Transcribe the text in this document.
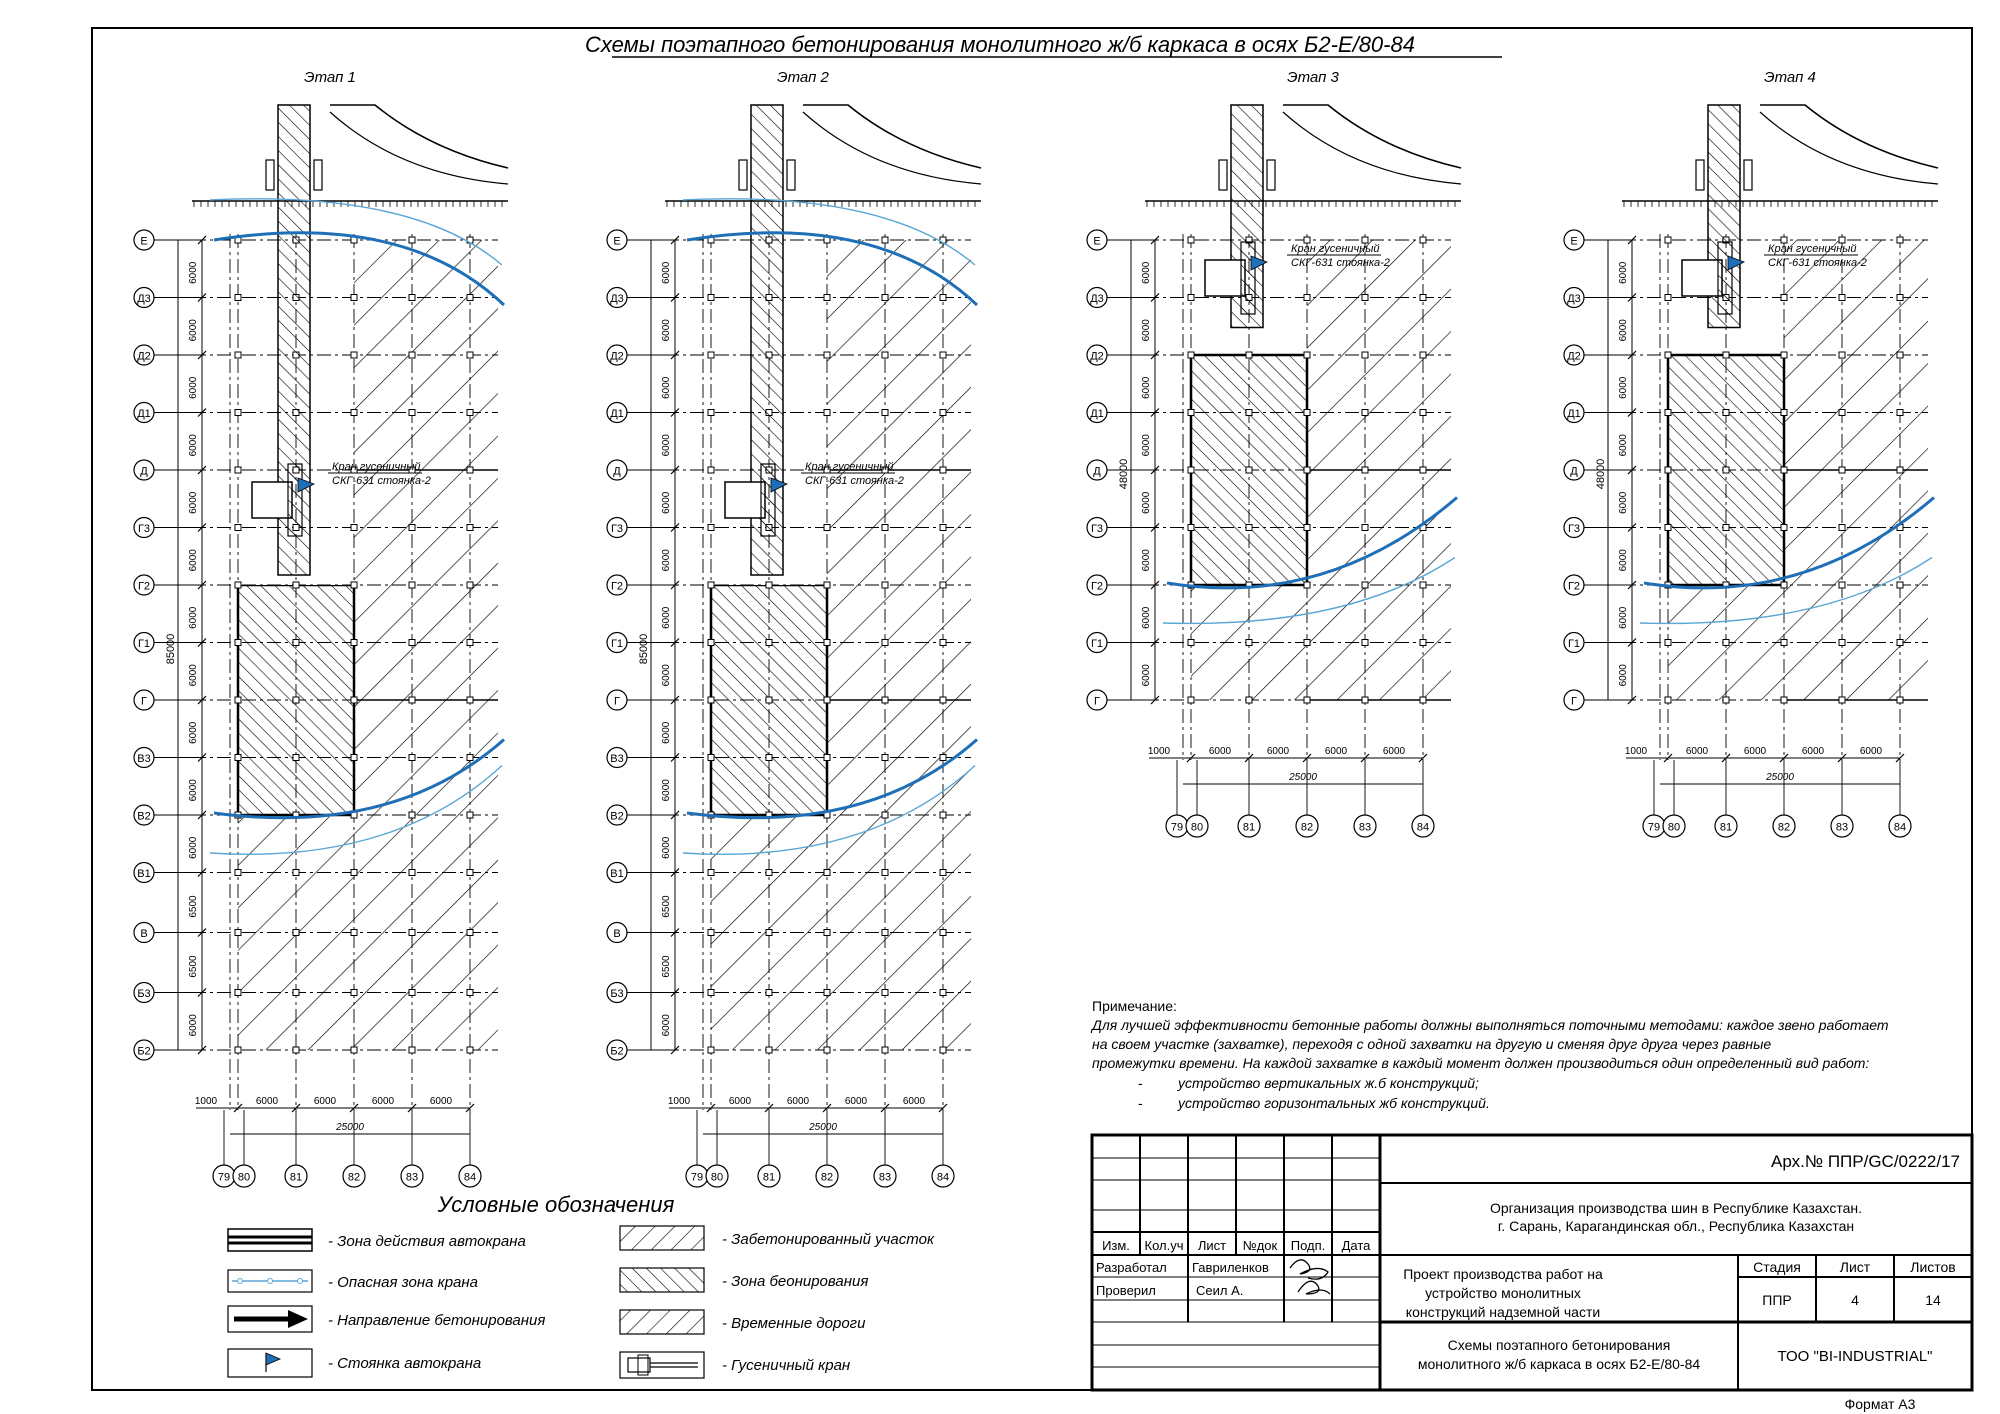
Схемы поэтапного бетонирования монолитного ж/б каркаса в осях Б2-Е/80-84
Этап 1
Е
Д3
Д2
Д1
Д
Г3
Г2
Г1
Г
В3
В2
В1
В
Б3
Б2
79 80	81	82	83	84
6000
6000
6000
6000
6000
6000
6000
6000
6000
6000
6000
6500
6500
6000
85000
1000	6000	6000	6000	6000
25000
Кран гусеничный
СКГ-631 стоянка-2
Этап 2
Е
Д3
Д2
Д1
Д
Г3
Г2
Г1
Г
В3
В2
В1
В
Б3
Б2
79 80	81	82	83	84
6000
6000
6000
6000
6000
6000
6000
6000
6000
6000
6000
6500
6500
6000
85000
1000	6000	6000	6000	6000
25000
Кран гусеничный
СКГ-631 стоянка-2
Этап 3
Е
Д3
Д2
Д1
Д
Г3
Г2
Г1
Г
79 80	81	82	83	84
6000
6000
6000
6000
6000
6000
6000
6000
48000
1000	6000	6000	6000	6000
25000
Кран гусеничный
СКГ-631 стоянка-2
Этап 4
Е
Д3
Д2
Д1
Д
Г3
Г2
Г1
Г
79 80	81	82	83	84
6000
6000
6000
6000
6000
6000
6000
6000
48000
1000	6000	6000	6000	6000
25000
Кран гусеничный
СКГ-631 стоянка-2
Условные обозначения
- Зона действия автокрана
- Опасная зона крана
- Направление бетонирования
- Стоянка автокрана
- Забетонированный участок
- Зона беонирования
- Временные дороги
- Гусеничный кран
Примечание:
Для лучшей эффективности бетонные работы должны выполняться поточными методами: каждое звено работает
на своем участке (захватке), переходя с одной захватки на другую и сменяя друг друга через равные
промежутки времени. На каждой захватке в каждый момент должен производиться один определенный вид работ:
-	устройство вертикальных ж.б конструкций;
-	устройство горизонтальных жб конструкций.
Арх.№ ППР/GC/0222/17
Организация производства шин в Республике Казахстан.
г. Сарань, Карагандинская обл., Республика Казахстан
Изм. Кол.уч Лист №док Подп. Дата
Разработал Гавриленков
Проверил	Сеил А.
Проект производства работ на
устройство монолитных
конструкций надземной части
Стадия	Лист	Листов
ППР	4	14
Схемы поэтапного бетонирования
монолитного ж/б каркаса в осях Б2-Е/80-84	ТОО "BI-INDUSTRIAL"
Формат А3
